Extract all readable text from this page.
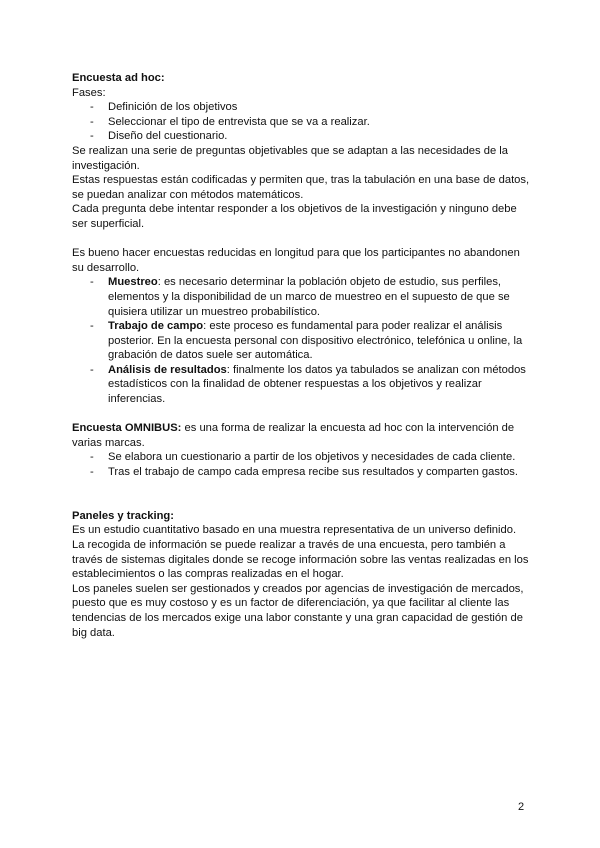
Encuesta ad hoc:

Fases:

- Definición de los objetivos
- Seleccionar el tipo de entrevista que se va a realizar.
- Diseño del cuestionario.

Se realizan una serie de preguntas objetivables que se adaptan a las necesidades de la investigación.

Estas respuestas están codificadas y permiten que, tras la tabulación en una base de datos, se puedan analizar con métodos matemáticos.

Cada pregunta debe intentar responder a los objetivos de la investigación y ninguno debe ser superficial.

Es bueno hacer encuestas reducidas en longitud para que los participantes no abandonen su desarrollo.

- Muestreo: es necesario determinar la población objeto de estudio, sus perfiles, elementos y la disponibilidad de un marco de muestreo en el supuesto de que se quisiera utilizar un muestreo probabilístico.
- Trabajo de campo: este proceso es fundamental para poder realizar el análisis posterior. En la encuesta personal con dispositivo electrónico, telefónica u online, la grabación de datos suele ser automática.
- Análisis de resultados: finalmente los datos ya tabulados se analizan con métodos estadísticos con la finalidad de obtener respuestas a los objetivos y realizar inferencias.

Encuesta OMNIBUS: es una forma de realizar la encuesta ad hoc con la intervención de varias marcas.

- Se elabora un cuestionario a partir de los objetivos y necesidades de cada cliente.
- Tras el trabajo de campo cada empresa recibe sus resultados y comparten gastos.

Paneles y tracking:

Es un estudio cuantitativo basado en una muestra representativa de un universo definido.

La recogida de información se puede realizar a través de una encuesta, pero también a través de sistemas digitales donde se recoge información sobre las ventas realizadas en los establecimientos o las compras realizadas en el hogar.

Los paneles suelen ser gestionados y creados por agencias de investigación de mercados, puesto que es muy costoso y es un factor de diferenciación, ya que facilitar al cliente las tendencias de los mercados exige una labor constante y una gran capacidad de gestión de big data.

2
